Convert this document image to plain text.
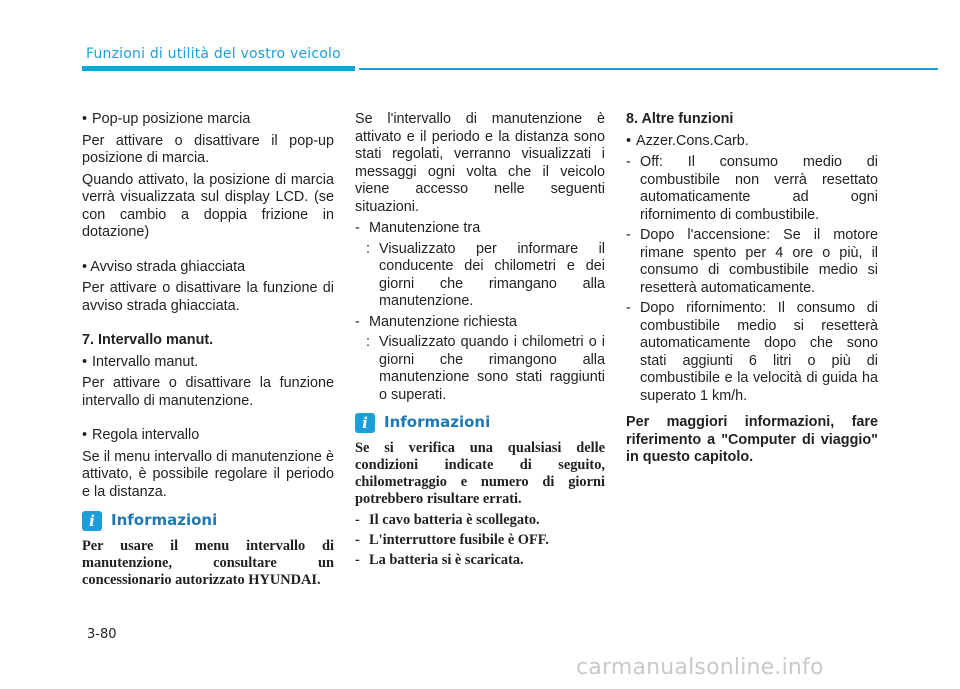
Funzioni di utilità del vostro veicolo
• Pop-up posizione marcia
Per attivare o disattivare il pop-up posizione di marcia.
Quando attivato, la posizione di marcia verrà visualizzata sul display LCD. (se con cambio a doppia frizione in dotazione)
• Avviso strada ghiacciata
Per attivare o disattivare la funzione di avviso strada ghiacciata.
7. Intervallo manut.
• Intervallo manut.
Per attivare o disattivare la funzione intervallo di manutenzione.
• Regola intervallo
Se il menu intervallo di manutenzione è attivato, è possibile regolare il periodo e la distanza.
i	Informazioni
Per usare il menu intervallo di manutenzione, consultare un concessionario autorizzato HYUNDAI.
Se l'intervallo di manutenzione è attivato e il periodo e la distanza sono stati regolati, verranno visualizzati i messaggi ogni volta che il veicolo viene accesso nelle seguenti situazioni.
- Manutenzione tra
: Visualizzato per informare il conducente dei chilometri e dei giorni che rimangano alla manutenzione.
- Manutenzione richiesta
: Visualizzato quando i chilometri o i giorni che rimangono alla manutenzione sono stati raggiunti o superati.
i	Informazioni
Se si verifica una qualsiasi delle condizioni indicate di seguito, chilometraggio e numero di giorni potrebbero risultare errati.
- Il cavo batteria è scollegato.
- L'interruttore fusibile è OFF.
- La batteria si è scaricata.
8. Altre funzioni
• Azzer.Cons.Carb.
- Off: Il consumo medio di combustibile non verrà resettato automaticamente ad ogni rifornimento di combustibile.
- Dopo l'accensione: Se il motore rimane spento per 4 ore o più, il consumo di combustibile medio si resetterà automaticamente.
- Dopo rifornimento: Il consumo di combustibile medio si resetterà automaticamente dopo che sono stati aggiunti 6 litri o più di combustibile e la velocità di guida ha superato 1 km/h.
Per maggiori informazioni, fare riferimento a "Computer di viaggio" in questo capitolo.
3-80
carmanualsonline.info
